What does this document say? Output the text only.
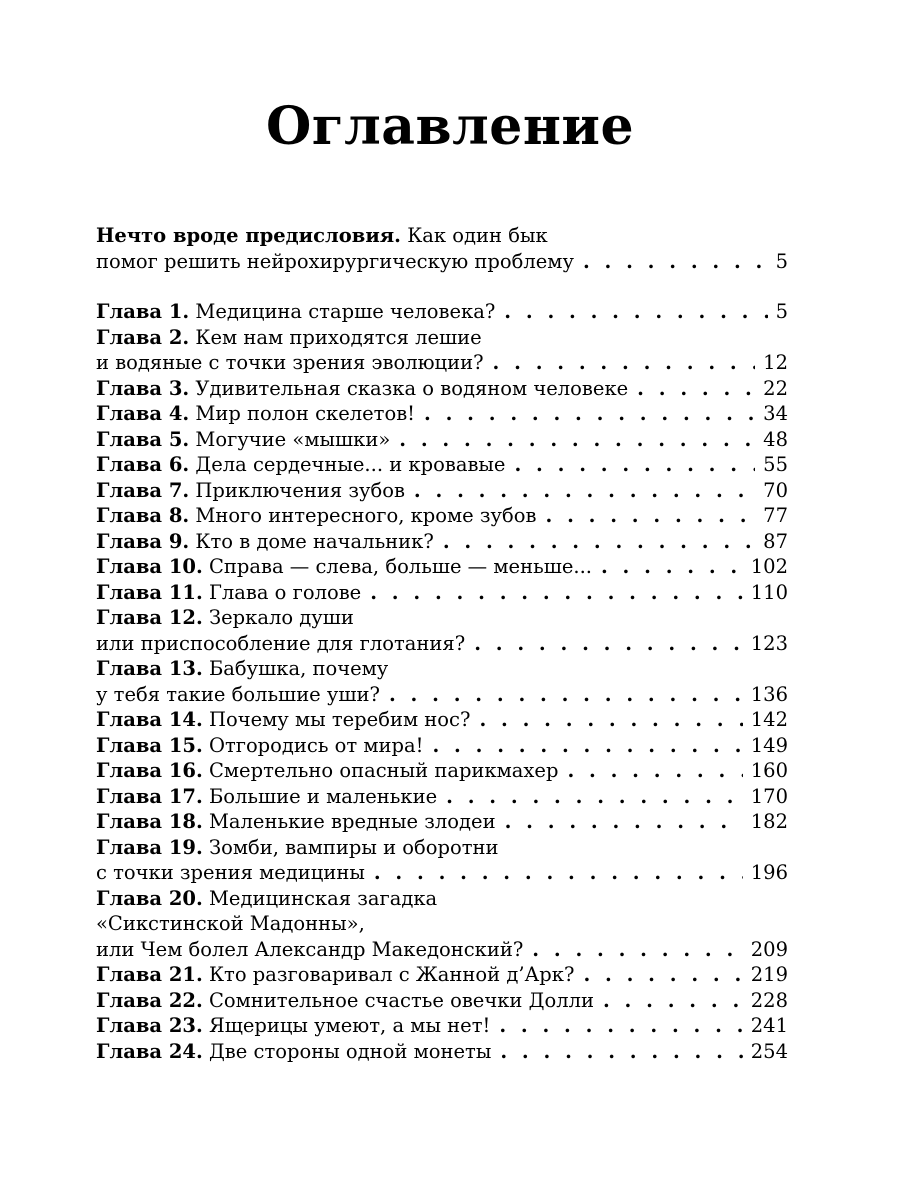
Оглавление
Нечто вроде предисловия. Как один бык
помог решить нейрохирургическую проблему . . .	5
Глава 1. Медицина старше человека? . . .	5
Глава 2. Кем нам приходятся лешие
и водяные с точки зрения эволюции? . . .	12
Глава 3. Удивительная сказка о водяном человеке . . .	22
Глава 4. Мир полон скелетов! . . .	34
Глава 5. Могучие «мышки» . . .	48
Глава 6. Дела сердечные... и кровавые . . .	55
Глава 7. Приключения зубов . . .	70
Глава 8. Много интересного, кроме зубов . . .	77
Глава 9. Кто в доме начальник? . . .	87
Глава 10. Справа — слева, больше — меньше... . . .	102
Глава 11. Глава о голове . . .	110
Глава 12. Зеркало души
или приспособление для глотания? . . .	123
Глава 13. Бабушка, почему
у тебя такие большие уши? . . .	136
Глава 14. Почему мы теребим нос? . . .	142
Глава 15. Отгородись от мира! . . .	149
Глава 16. Смертельно опасный парикмахер . . .	160
Глава 17. Большие и маленькие . . .	170
Глава 18. Маленькие вредные злодеи . . .	182
Глава 19. Зомби, вампиры и оборотни
с точки зрения медицины . . .	196
Глава 20. Медицинская загадка
«Сикстинской Мадонны»,
или Чем болел Александр Македонский? . . .	209
Глава 21. Кто разговаривал с Жанной д’Арк? . . .	219
Глава 22. Сомнительное счастье овечки Долли . . .	228
Глава 23. Ящерицы умеют, а мы нет! . . .	241
Глава 24. Две стороны одной монеты . . .	254
